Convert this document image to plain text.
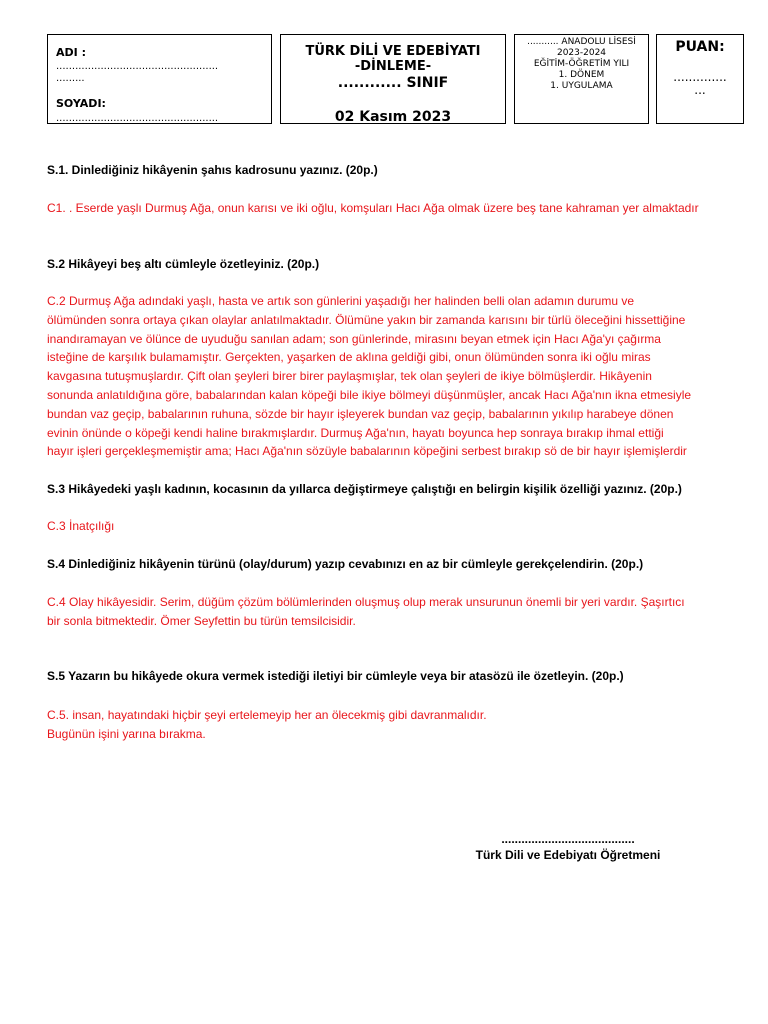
ADI :
...................................................
.........
SOYADI:
...................................................
TÜRK DİLİ VE EDEBİYATI
-DİNLEME-
............ SINIF
02 Kasım 2023
........... ANADOLU LİSESİ
2023-2024
EĞİTİM-ÖĞRETİM YILI
1. DÖNEM
1. UYGULAMA
PUAN:
..............
...
S.1. Dinlediğiniz hikâyenin şahıs kadrosunu yazınız. (20p.)
C1. . Eserde yaşlı Durmuş Ağa, onun karısı ve iki oğlu, komşuları Hacı Ağa olmak üzere beş tane kahraman yer almaktadır
S.2 Hikâyeyi beş altı cümleyle özetleyiniz. (20p.)
C.2 Durmuş Ağa adındaki yaşlı, hasta ve artık son günlerini yaşadığı her halinden belli olan adamın durumu ve
ölümünden sonra ortaya çıkan olaylar anlatılmaktadır. Ölümüne yakın bir zamanda karısını bir türlü öleceğini hissettiğine
inandıramayan ve ölünce de uyuduğu sanılan adam; son günlerinde, mirasını beyan etmek için Hacı Ağa'yı çağırma
isteğine de karşılık bulamamıştır. Gerçekten, yaşarken de aklına geldiği gibi, onun ölümünden sonra iki oğlu miras
kavgasına tutuşmuşlardır. Çift olan şeyleri birer birer paylaşmışlar, tek olan şeyleri de ikiye bölmüşlerdir. Hikâyenin
sonunda anlatıldığına göre, babalarından kalan köpeği bile ikiye bölmeyi düşünmüşler, ancak Hacı Ağa'nın ikna etmesiyle
bundan vaz geçip, babalarının ruhuna, sözde bir hayır işleyerek bundan vaz geçip, babalarının yıkılıp harabeye dönen
evinin önünde o köpeği kendi haline bırakmışlardır. Durmuş Ağa'nın, hayatı boyunca hep sonraya bırakıp ihmal ettiği
hayır işleri gerçekleşmemiştir ama; Hacı Ağa'nın sözüyle babalarının köpeğini serbest bırakıp sö de bir hayır işlemişlerdir
S.3 Hikâyedeki yaşlı kadının, kocasının da yıllarca değiştirmeye çalıştığı en belirgin kişilik özelliği yazınız. (20p.)
C.3 İnatçılığı
S.4 Dinlediğiniz hikâyenin türünü (olay/durum) yazıp cevabınızı en az bir cümleyle gerekçelendirin. (20p.)
C.4 Olay hikâyesidir. Serim, düğüm çözüm bölümlerinden oluşmuş olup merak unsurunun önemli bir yeri vardır. Şaşırtıcı
bir sonla bitmektedir. Ömer Seyfettin bu türün temsilcisidir.
S.5 Yazarın bu hikâyede okura vermek istediği iletiyi bir cümleyle veya bir atasözü ile özetleyin. (20p.)
C.5. insan, hayatındaki hiçbir şeyi ertelemeyip her an ölecekmiş gibi davranmalıdır.
Bugünün işini yarına bırakma.
........................................
Türk Dili ve Edebiyatı Öğretmeni
